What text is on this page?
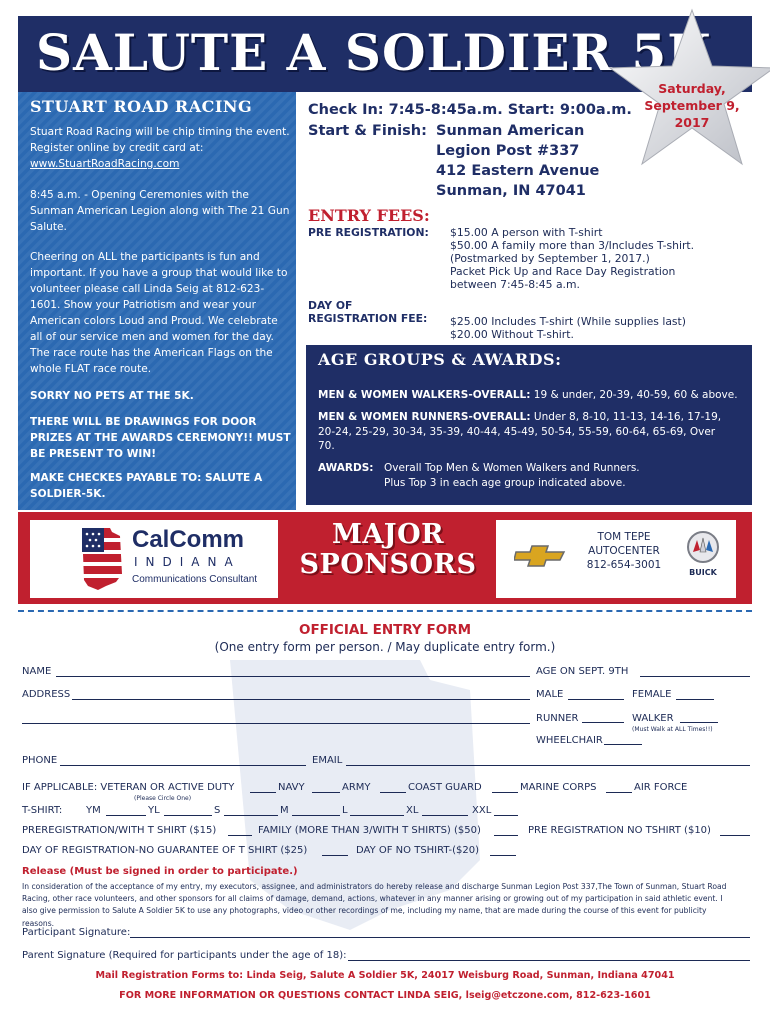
SALUTE A SOLDIER 5K
Saturday,
September 9,
2017
STUART ROAD RACING
Stuart Road Racing will be chip timing the event. Register online by credit card at:
www.StuartRoadRacing.com
8:45 a.m. - Opening Ceremonies with the Sunman American Legion along with The 21 Gun Salute.
Cheering on ALL the participants is fun and important. If you have a group that would like to volunteer please call Linda Seig at 812-623-1601. Show your Patriotism and wear your American colors Loud and Proud. We celebrate all of our service men and women for the day. The race route has the American Flags on the whole FLAT race route.
SORRY NO PETS AT THE 5K.
THERE WILL BE DRAWINGS FOR DOOR PRIZES AT THE AWARDS CEREMONY!! MUST BE PRESENT TO WIN!
MAKE CHECKES PAYABLE TO: SALUTE A SOLDIER-5K.
Check In: 7:45-8:45a.m. Start: 9:00a.m.
Start & Finish: Sunman American
Legion Post #337
412 Eastern Avenue
Sunman, IN 47041
ENTRY FEES:
PRE REGISTRATION: $15.00 A person with T-shirt
$50.00 A family more than 3/Includes T-shirt.
(Postmarked by September 1, 2017.)
Packet Pick Up and Race Day Registration
between 7:45-8:45 a.m.
DAY OF
REGISTRATION FEE: $25.00 Includes T-shirt (While supplies last)
$20.00 Without T-shirt.
AGE GROUPS & AWARDS:
MEN & WOMEN WALKERS-OVERALL: 19 & under, 20-39, 40-59, 60 & above.
MEN & WOMEN RUNNERS-OVERALL: Under 8, 8-10, 11-13, 14-16, 17-19, 20-24, 25-29, 30-34, 35-39, 40-44, 45-49, 50-54, 55-59, 60-64, 65-69, Over 70.
AWARDS: Overall Top Men & Women Walkers and Runners.
Plus Top 3 in each age group indicated above.
CalComm
INDIANA
Communications Consultant
MAJOR
SPONSORS
TOM TEPE
AUTOCENTER
812-654-3001
BUICK
OFFICIAL ENTRY FORM
(One entry form per person. / May duplicate entry form.)
NAME	AGE ON SEPT. 9TH
ADDRESS	MALE	FEMALE
RUNNER	WALKER
(Must Walk at ALL Times!!)
WHEELCHAIR
PHONE	EMAIL
IF APPLICABLE: VETERAN OR ACTIVE DUTY
(Please Circle One)
NAVY	ARMY	COAST GUARD	MARINE CORPS	AIR FORCE
T-SHIRT: YM	YL	S	M	L	XL	XXL
PREREGISTRATION/WITH T SHIRT ($15)	FAMILY (MORE THAN 3/WITH T SHIRTS) ($50)	PRE REGISTRATION NO TSHIRT ($10)
DAY OF REGISTRATION-NO GUARANTEE OF T SHIRT ($25)	DAY OF NO TSHIRT-($20)
Release (Must be signed in order to participate.)
In consideration of the acceptance of my entry, my executors, assignee, and administrators do hereby release and discharge Sunman Legion Post 337,The Town of Sunman, Stuart Road Racing, other race volunteers, and other sponsors for all claims of damage, demand, actions, whatever in any manner arising or growing out of my participation in said athletic event. I also give permission to Salute A Soldier 5K to use any photographs, video or other recordings of me, including my name, that are made during the course of this event for publicity reasons.
Participant Signature:
Parent Signature (Required for participants under the age of 18):
Mail Registration Forms to: Linda Seig, Salute A Soldier 5K, 24017 Weisburg Road, Sunman, Indiana 47041
FOR MORE INFORMATION OR QUESTIONS CONTACT LINDA SEIG, lseig@etczone.com, 812-623-1601
